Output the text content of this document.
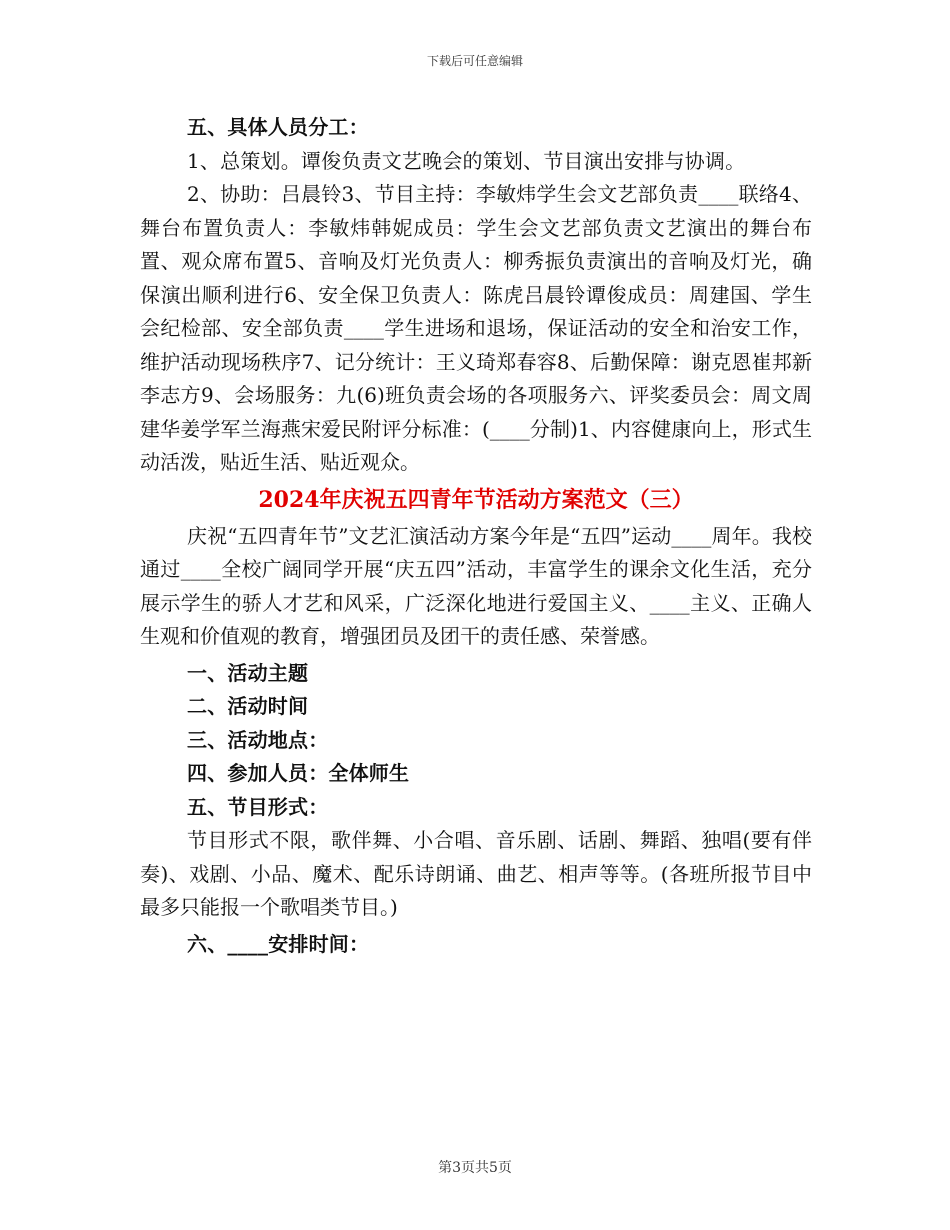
下载后可任意编辑
五、具体人员分工：
1、总策划。谭俊负责文艺晚会的策划、节目演出安排与协调。
2、协助：吕晨铃3、节目主持：李敏炜学生会文艺部负责____联络4、舞台布置负责人：李敏炜韩妮成员：学生会文艺部负责文艺演出的舞台布置、观众席布置5、音响及灯光负责人：柳秀振负责演出的音响及灯光，确保演出顺利进行6、安全保卫负责人：陈虎吕晨铃谭俊成员：周建国、学生会纪检部、安全部负责____学生进场和退场，保证活动的安全和治安工作，维护活动现场秩序7、记分统计：王义琦郑春容8、后勤保障：谢克恩崔邦新李志方9、会场服务：九(6)班负责会场的各项服务六、评奖委员会：周文周建华姜学军兰海燕宋爱民附评分标准：(____分制)1、内容健康向上，形式生动活泼，贴近生活、贴近观众。
2024年庆祝五四青年节活动方案范文（三）
庆祝“五四青年节”文艺汇演活动方案今年是“五四”运动____周年。我校通过____全校广阔同学开展“庆五四”活动，丰富学生的课余文化生活，充分展示学生的骄人才艺和风采，广泛深化地进行爱国主义、____主义、正确人生观和价值观的教育，增强团员及团干的责任感、荣誉感。
一、活动主题
二、活动时间
三、活动地点：
四、参加人员：全体师生
五、节目形式：
节目形式不限，歌伴舞、小合唱、音乐剧、话剧、舞蹈、独唱(要有伴奏)、戏剧、小品、魔术、配乐诗朗诵、曲艺、相声等等。(各班所报节目中最多只能报一个歌唱类节目。)
六、____安排时间：
第3页共5页
